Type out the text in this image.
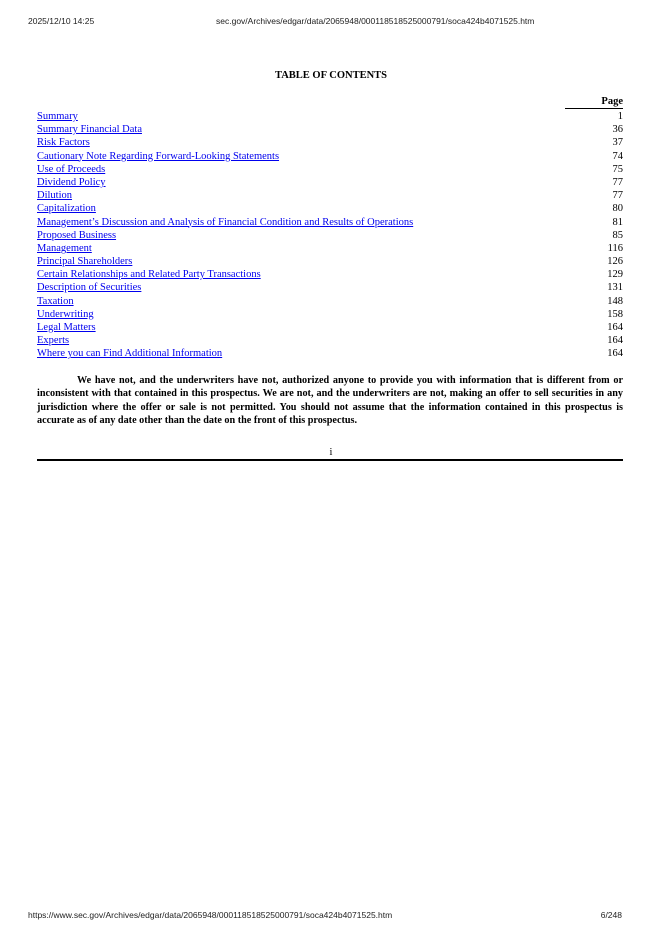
2025/12/10 14:25	sec.gov/Archives/edgar/data/2065948/000118518525000791/soca424b4071525.htm
TABLE OF CONTENTS
Page
Summary	1
Summary Financial Data	36
Risk Factors	37
Cautionary Note Regarding Forward-Looking Statements	74
Use of Proceeds	75
Dividend Policy	77
Dilution	77
Capitalization	80
Management’s Discussion and Analysis of Financial Condition and Results of Operations	81
Proposed Business	85
Management	116
Principal Shareholders	126
Certain Relationships and Related Party Transactions	129
Description of Securities	131
Taxation	148
Underwriting	158
Legal Matters	164
Experts	164
Where you can Find Additional Information	164
We have not, and the underwriters have not, authorized anyone to provide you with information that is different from or inconsistent with that contained in this prospectus. We are not, and the underwriters are not, making an offer to sell securities in any jurisdiction where the offer or sale is not permitted. You should not assume that the information contained in this prospectus is accurate as of any date other than the date on the front of this prospectus.
i
https://www.sec.gov/Archives/edgar/data/2065948/000118518525000791/soca424b4071525.htm	6/248
